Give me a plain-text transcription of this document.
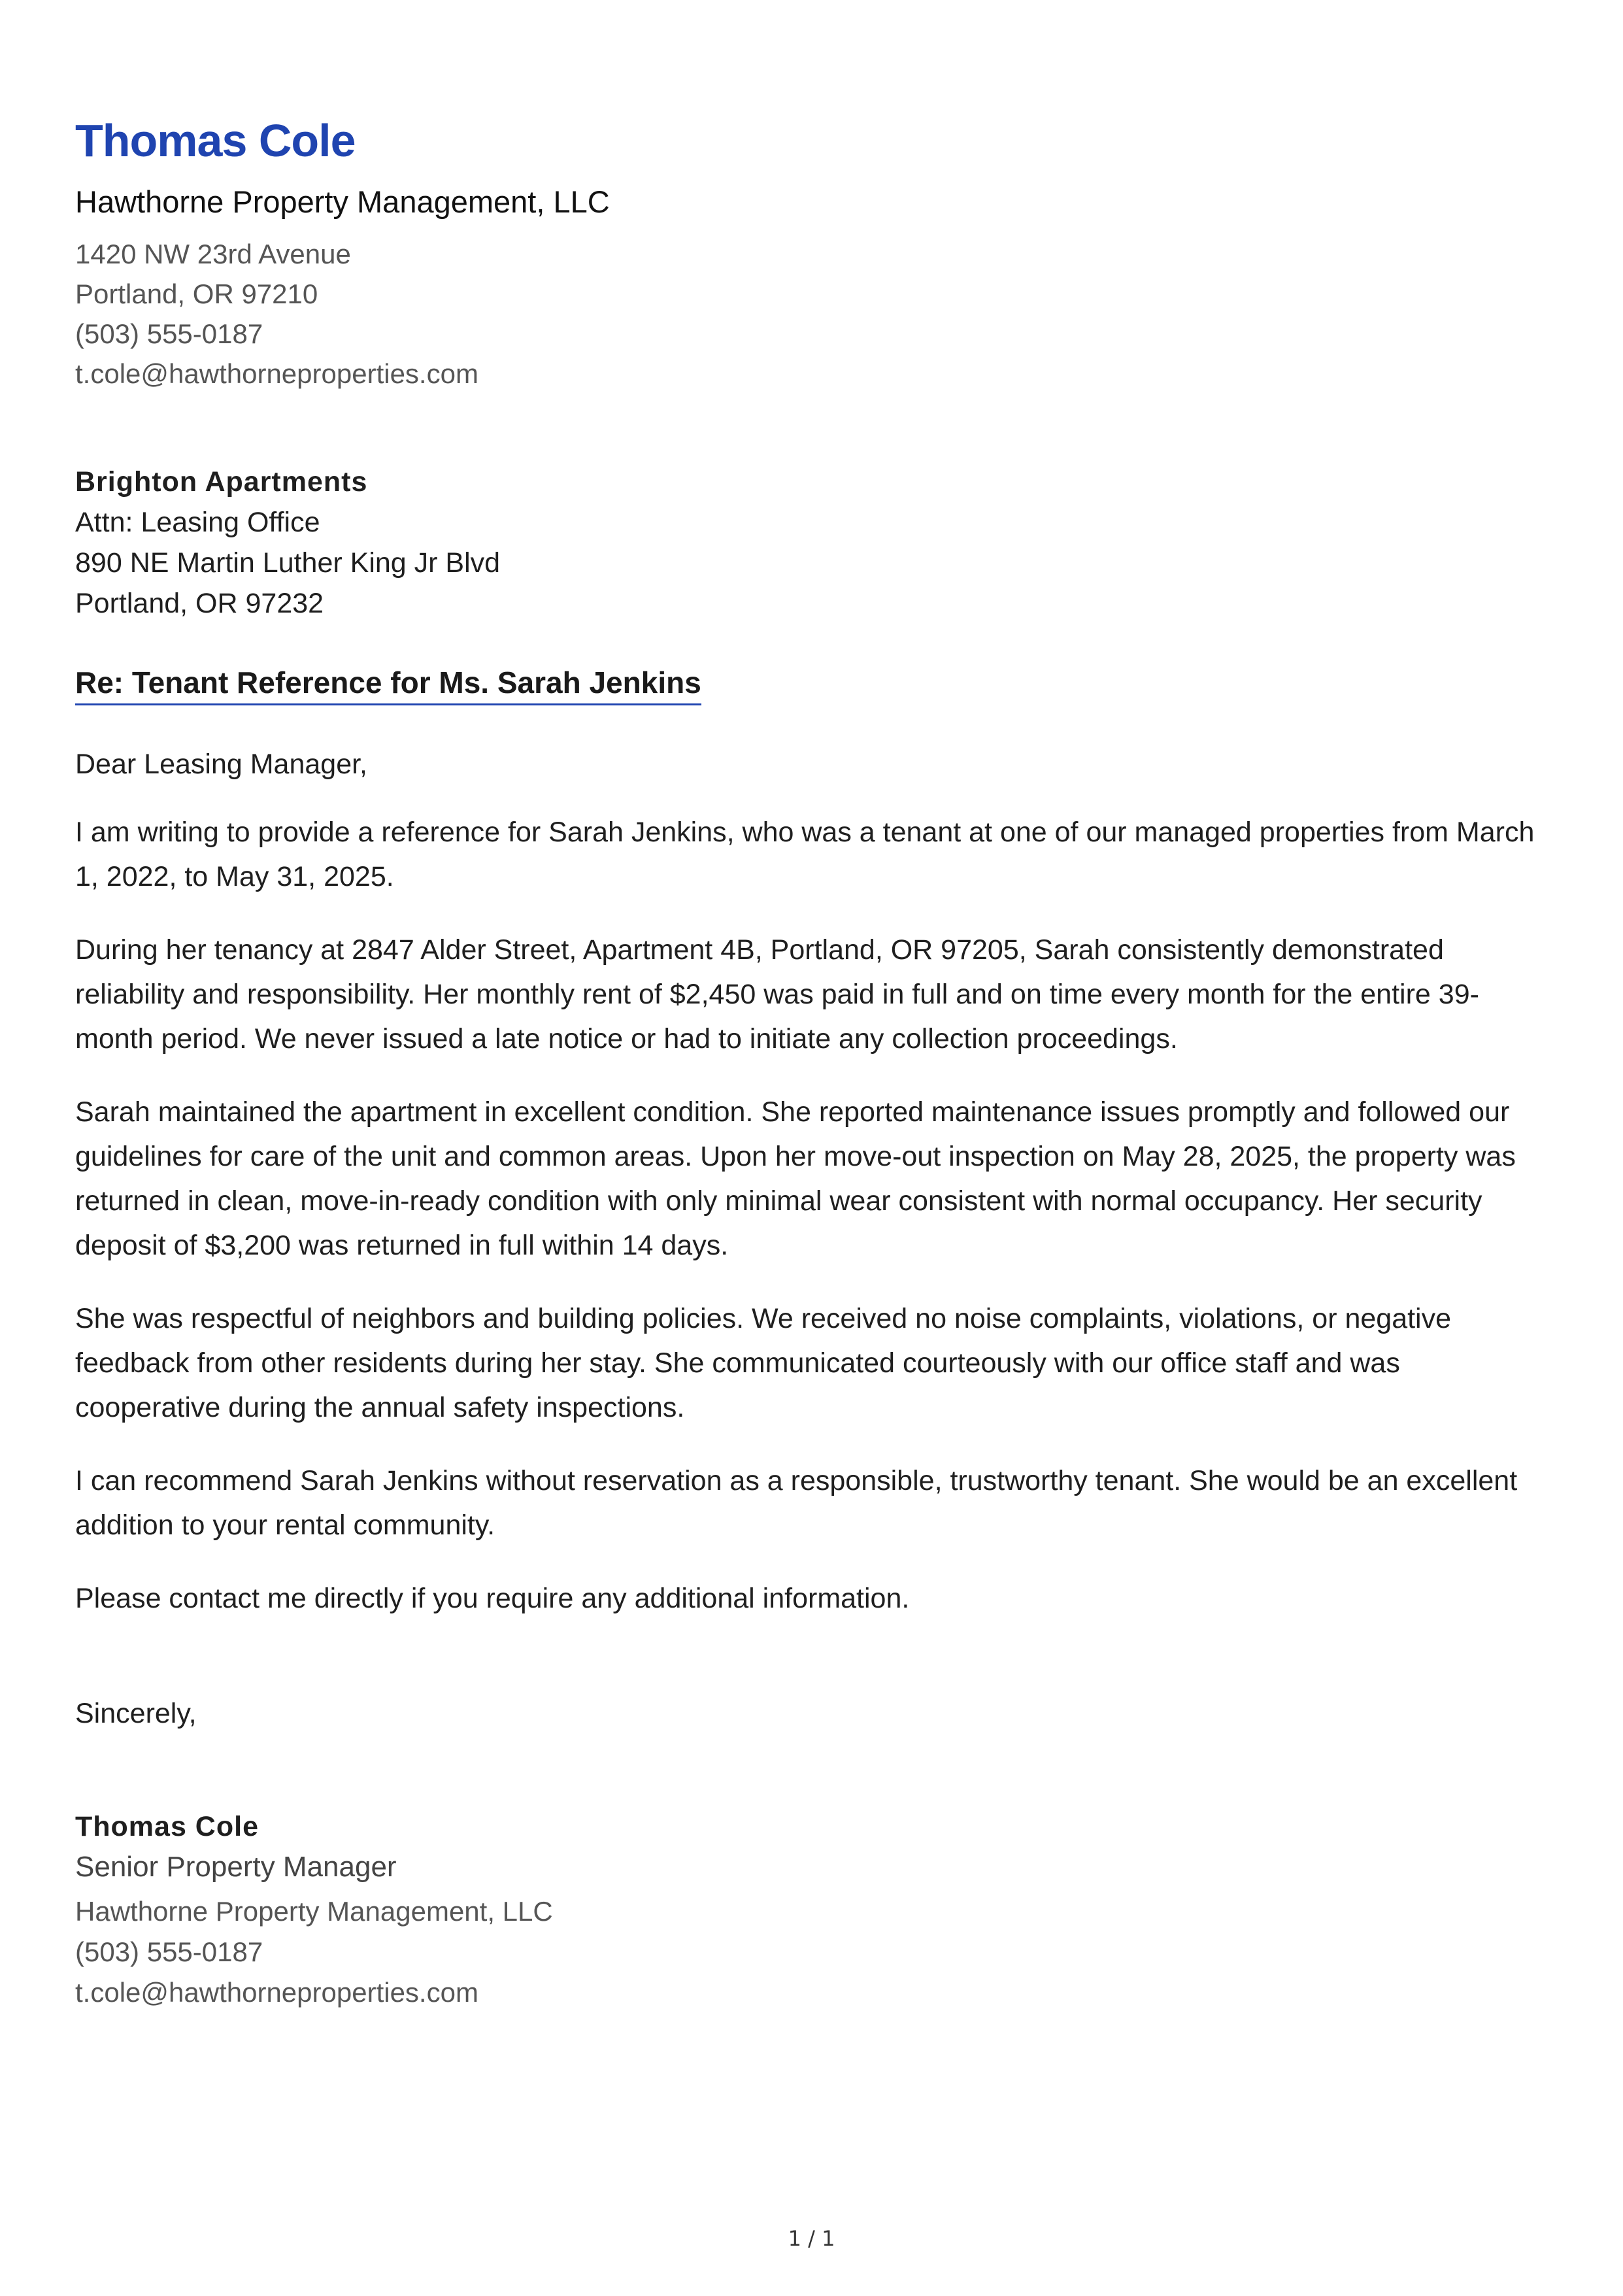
Thomas Cole
Hawthorne Property Management, LLC
1420 NW 23rd Avenue
Portland, OR 97210
(503) 555-0187
t.cole@hawthorneproperties.com
Brighton Apartments
Attn: Leasing Office
890 NE Martin Luther King Jr Blvd
Portland, OR 97232
Re: Tenant Reference for Ms. Sarah Jenkins
Dear Leasing Manager,

I am writing to provide a reference for Sarah Jenkins, who was a tenant at one of our managed properties from March 1, 2022, to May 31, 2025.

During her tenancy at 2847 Alder Street, Apartment 4B, Portland, OR 97205, Sarah consistently demonstrated reliability and responsibility. Her monthly rent of $2,450 was paid in full and on time every month for the entire 39-month period. We never issued a late notice or had to initiate any collection proceedings.

Sarah maintained the apartment in excellent condition. She reported maintenance issues promptly and followed our guidelines for care of the unit and common areas. Upon her move-out inspection on May 28, 2025, the property was returned in clean, move-in-ready condition with only minimal wear consistent with normal occupancy. Her security deposit of $3,200 was returned in full within 14 days.

She was respectful of neighbors and building policies. We received no noise complaints, violations, or negative feedback from other residents during her stay. She communicated courteously with our office staff and was cooperative during the annual safety inspections.

I can recommend Sarah Jenkins without reservation as a responsible, trustworthy tenant. She would be an excellent addition to your rental community.

Please contact me directly if you require any additional information.

Sincerely,
Thomas Cole
Senior Property Manager
Hawthorne Property Management, LLC
(503) 555-0187
t.cole@hawthorneproperties.com
1 / 1
